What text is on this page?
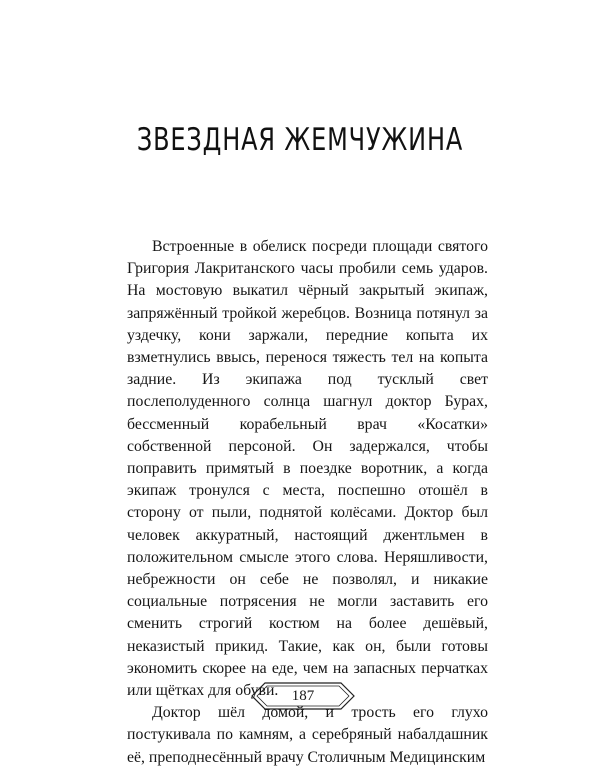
ЗВЕЗДНАЯ ЖЕМЧУЖИНА

Встроенные в обелиск посреди площади святого Григория Лакританского часы пробили семь ударов. На мостовую выкатил чёрный закрытый экипаж, запряжённый тройкой жеребцов. Возница потянул за уздечку, кони заржали, передние копыта их взметнулись ввысь, перенося тяжесть тел на копыта задние. Из экипажа под тусклый свет послеполуденного солнца шагнул доктор Бурах, бессменный корабельный врач «Косатки» собственной персоной. Он задержался, чтобы поправить примятый в поездке воротник, а когда экипаж тронулся с места, поспешно отошёл в сторону от пыли, поднятой колёсами. Доктор был человек аккуратный, настоящий джентльмен в положительном смысле этого слова. Неряшливости, небрежности он себе не позволял, и никакие социальные потрясения не могли заставить его сменить строгий костюм на более дешёвый, неказистый прикид. Такие, как он, были готовы экономить скорее на еде, чем на запасных перчатках или щётках для обуви.

Доктор шёл домой, и трость его глухо постукивала по камням, а серебряный набалдашник её, преподнесённый врачу Столичным Медицинским

187
